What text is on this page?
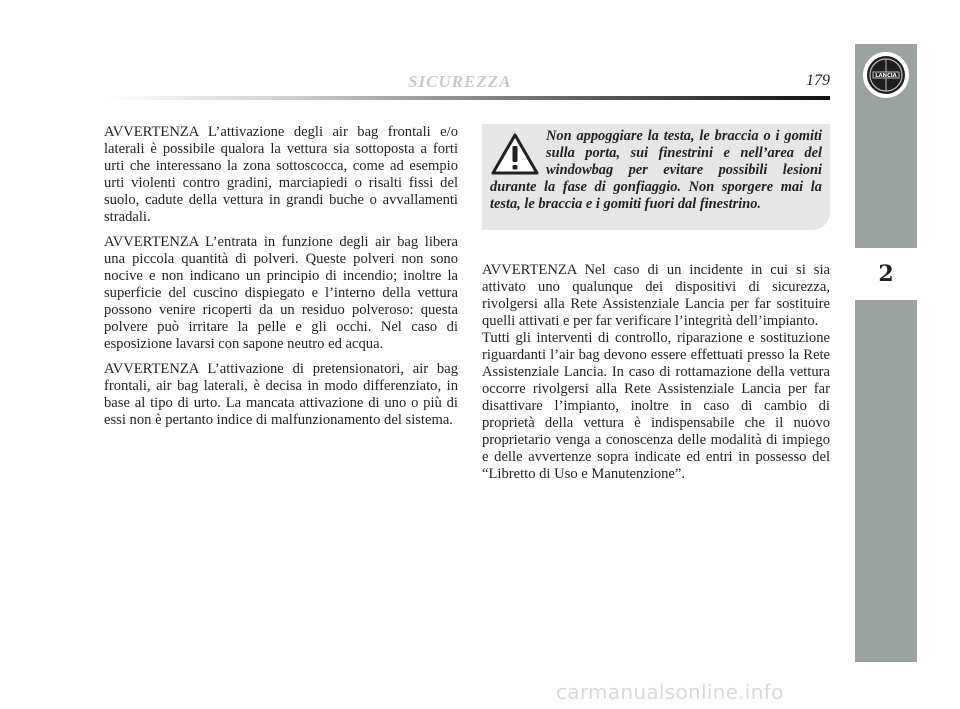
SICUREZZA	179	LANCIA
2

AVVERTENZA L’attivazione degli air bag frontali e/o laterali è possibile qualora la vettura sia sottoposta a forti urti che interessano la zona sottoscocca, come ad esempio urti violenti contro gradini, marciapiedi o risalti fissi del suolo, cadute della vettura in grandi buche o avvallamenti stradali.

AVVERTENZA L’entrata in funzione degli air bag libera una piccola quantità di polveri. Queste polveri non sono nocive e non indicano un principio di incendio; inoltre la superficie del cuscino dispiegato e l’interno della vettura possono venire ricoperti da un residuo polveroso: questa polvere può irritare la pelle e gli occhi. Nel caso di esposizione lavarsi con sapone neutro ed acqua.

AVVERTENZA L’attivazione di pretensionatori, air bag frontali, air bag laterali, è decisa in modo differenziato, in base al tipo di urto. La mancata attivazione di uno o più di essi non è pertanto indice di malfunzionamento del sistema.

Non appoggiare la testa, le braccia o i gomiti sulla porta, sui finestrini e nell’area del windowbag per evitare possibili lesioni durante la fase di gonfiaggio. Non sporgere mai la testa, le braccia e i gomiti fuori dal finestrino.

AVVERTENZA Nel caso di un incidente in cui si sia attivato uno qualunque dei dispositivi di sicurezza, rivolgersi alla Rete Assistenziale Lancia per far sostituire quelli attivati e per far verificare l’integrità dell’impianto.

Tutti gli interventi di controllo, riparazione e sostituzione riguardanti l’air bag devono essere effettuati presso la Rete Assistenziale Lancia. In caso di rottamazione della vettura occorre rivolgersi alla Rete Assistenziale Lancia per far disattivare l’impianto, inoltre in caso di cambio di proprietà della vettura è indispensabile che il nuovo proprietario venga a conoscenza delle modalità di impiego e delle avvertenze sopra indicate ed entri in possesso del “Libretto di Uso e Manutenzione”.

carmanualsonline.info
